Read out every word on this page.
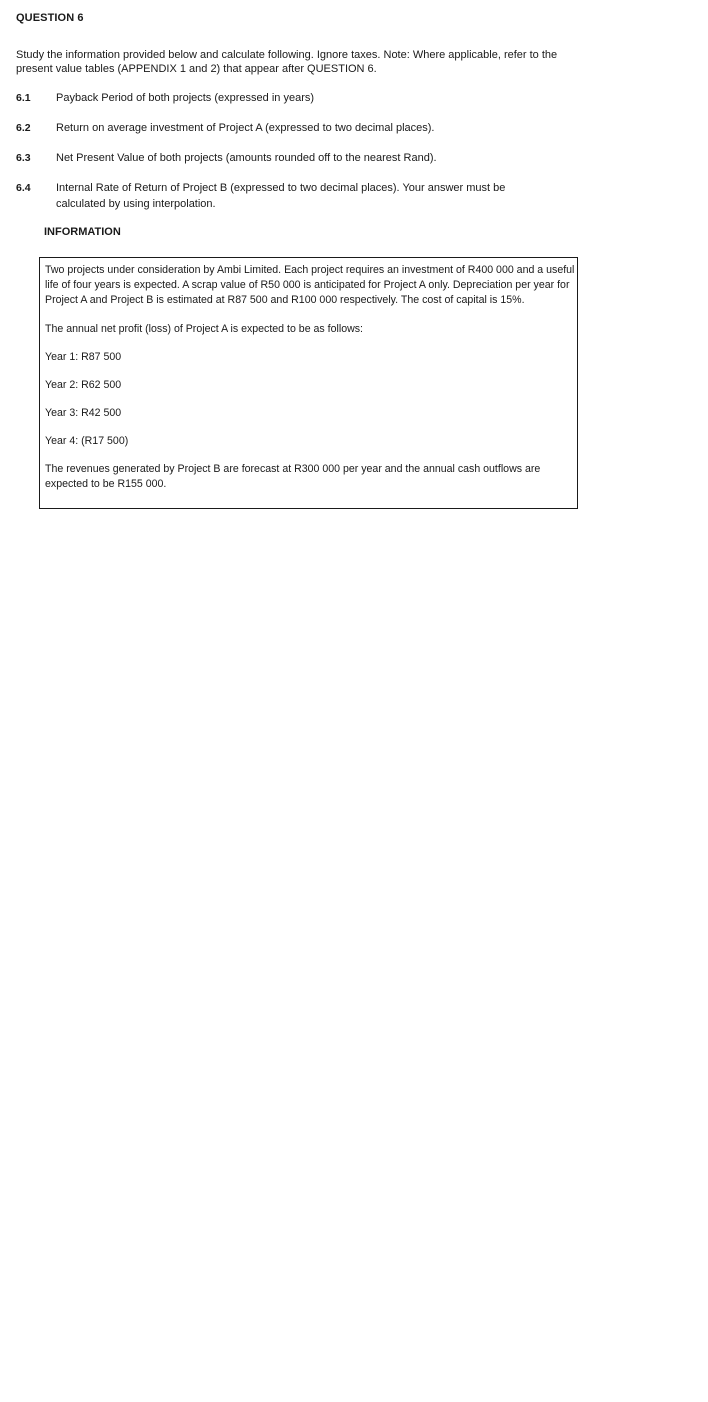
QUESTION 6
Study the information provided below and calculate following. Ignore taxes. Note: Where applicable, refer to the present value tables (APPENDIX 1 and 2) that appear after QUESTION 6.
6.1 Payback Period of both projects (expressed in years)
6.2 Return on average investment of Project A (expressed to two decimal places).
6.3 Net Present Value of both projects (amounts rounded off to the nearest Rand).
6.4 Internal Rate of Return of Project B (expressed to two decimal places). Your answer must be calculated by using interpolation.
INFORMATION
Two projects under consideration by Ambi Limited. Each project requires an investment of R400 000 and a useful life of four years is expected. A scrap value of R50 000 is anticipated for Project A only. Depreciation per year for Project A and Project B is estimated at R87 500 and R100 000 respectively. The cost of capital is 15%.
The annual net profit (loss) of Project A is expected to be as follows:
Year 1: R87 500
Year 2: R62 500
Year 3: R42 500
Year 4: (R17 500)
The revenues generated by Project B are forecast at R300 000 per year and the annual cash outflows are expected to be R155 000.
